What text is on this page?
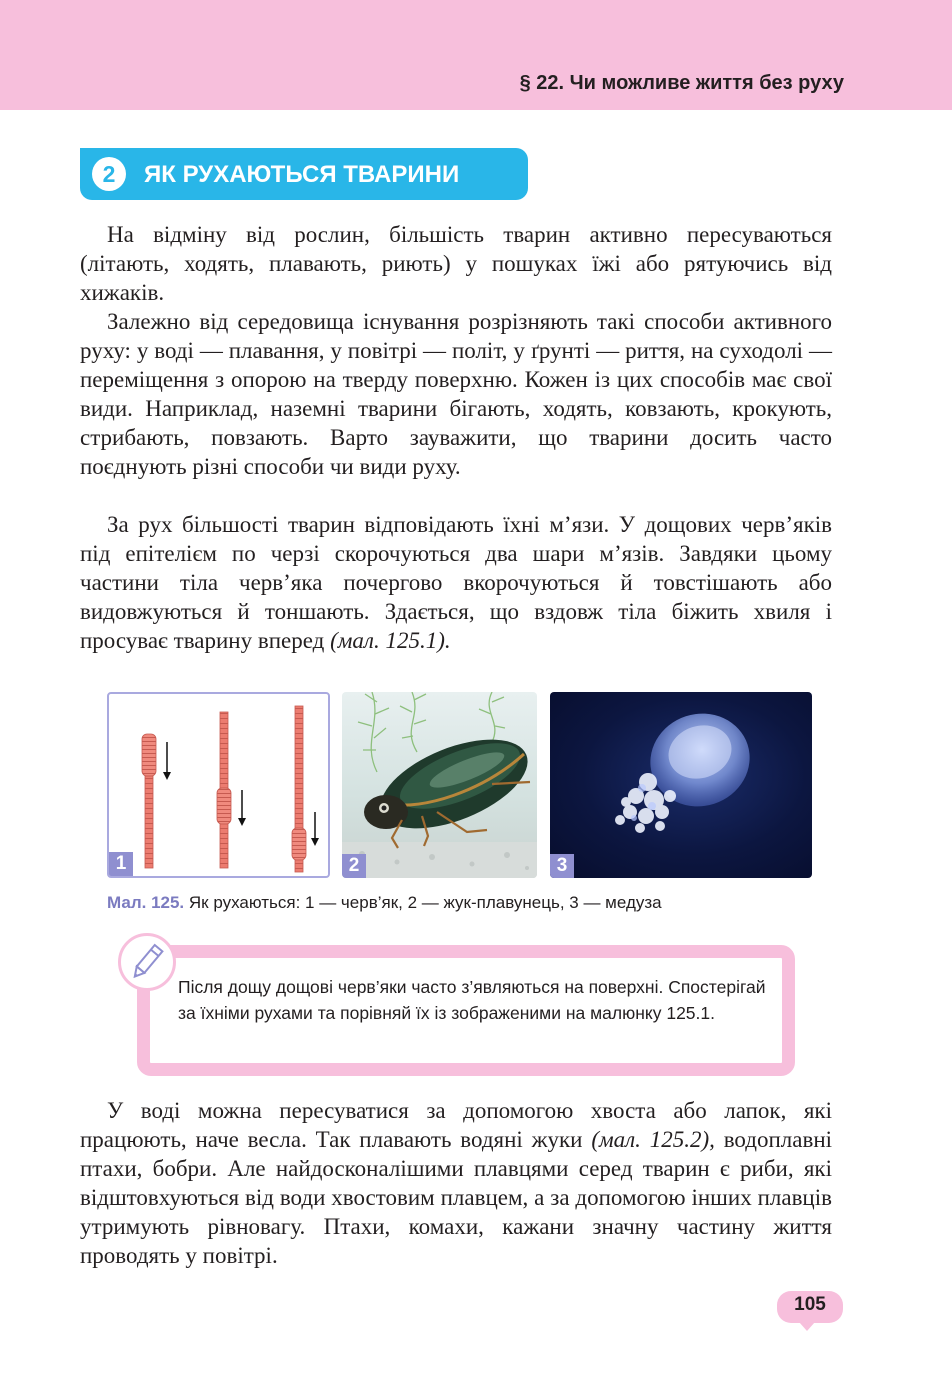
§ 22. Чи можливе життя без руху
2	ЯК РУХАЮТЬСЯ ТВАРИНИ

На відміну від рослин, більшість тварин активно пересуваються (літають, ходять, плавають, риють) у пошуках їжі або рятуючись від хижаків.

Залежно від середовища існування розрізняють такі способи активного руху: у воді — плавання, у повітрі — політ, у ґрунті — риття, на суходолі — переміщення з опорою на тверду поверхню. Кожен із цих способів має свої види. Наприклад, наземні тварини бігають, ходять, ковзають, крокують, стрибають, повзають. Варто зауважити, що тварини досить часто поєднують різні способи чи види руху.

За рух більшості тварин відповідають їхні м’язи. У дощових черв’яків під епітелієм по черзі скорочуються два шари м’язів. Завдяки цьому частини тіла черв’яка почергово вкорочуються й товстішають або видовжуються й тоншають. Здається, що вздовж тіла біжить хвиля і просуває тварину вперед (мал. 125.1).

1	2	3
Мал. 125. Як рухаються: 1 — черв’як, 2 — жук-плавунець, 3 — медуза

Після дощу дощові черв’яки часто з’являються на поверхні. Спостерігай за їхніми рухами та порівняй їх із зображеними на малюнку 125.1.

У воді можна пересуватися за допомогою хвоста або лапок, які працюють, наче весла. Так плавають водяні жуки (мал. 125.2), водоплавні птахи, бобри. Але найдосконалішими плавцями серед тварин є риби, які відштовхуються від води хвостовим плавцем, а за допомогою інших плавців утримують рівновагу. Птахи, комахи, кажани значну частину життя проводять у повітрі.

105
